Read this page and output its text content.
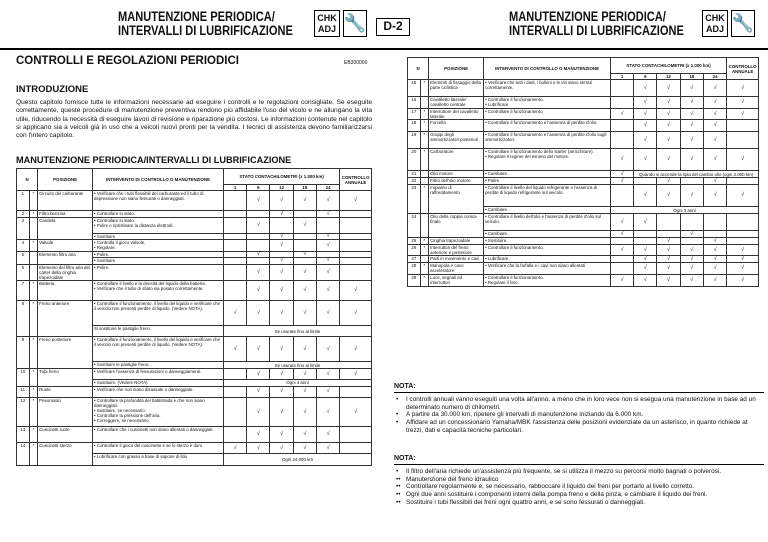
MANUTENZIONE PERIODICA/
INTERVALLI DI LUBRIFICAZIONE
CHK
ADJ 🔧	D-2
CONTROLLI E REGOLAZIONI PERIODICI	EB300000
INTRODUZIONE
Questo capitolo fornisce tutte le informazioni necessarie ad eseguire i controlli e le regolazioni consigliate. Se eseguite correttamente, queste procedure di manutenzione preventiva rendono più affidabile l'uso del vicolo e ne allungano la vita utile, riducendo la necessità di eseguire lavori di revisione e riparazione più costosi. Le informazioni contenute nel capitolo si applicano sia a veicoli già in uso che a veicoli nuovi pronti per la vendita. I tecnici di assistenza devono familiarizzarsi con l'intero capitolo.
MANUTENZIONE PERIODICA/INTERVALLI DI LUBRIFICAZIONE
N		POSIZIONE	INTERVENTO DI CONTROLLO O MANUTENZIONE	STATO CONTACHILOMETRI (x 1.000 km)					CONTROLLO ANNUALE
				1	6	12	18	24	
1	*	Circuito del carburante	• Verificare che i tubi flessibili del carburante ed il tubo di depressione non siano fessurati o danneggiati.		√	√	√	√	√
2	*	Filtro benzina	• Controllare lo stato.			√		√	
3		Candela	• Controllare lo stato.
• Pulire e ripristinare la distanza elettrodi.		√		√		

			• Sostituire.			√		√	
4	*	Valvole	• Controlla il gioco valvole.
• Regolare.			√		√	
5		Elemento filtro aria	• Pulire.		√		√		

			• Sostituire.			√		√	
6		Elemento del filtro aria del carter della cinghia trapezoidale	• Pulire.		√	√	√	√	
7	*	Batteria	• Controllare il livello e la densità del liquido della batteria.
• Verificare che il tubo di sfiato sia posato correttamente.		√	√	√	√	√
8	*	Freno anteriore	• Controllare il funzionamento, il livello del liquido e verificare che il veicolo non presenti perdite di liquido. (Vedere NOTA).	√	√	√	√	√	√

			Si sostituire le pastiglie freno.	Se usurate fino al limite					
9	*	Freno posteriore	• Controllare il funzionamento, il livello del liquido e verificare che il veicolo non presenti perdite di liquido. (Vedere NOTA).	√	√	√	√	√	√

			• Sostituire le pastiglie freno.	Se usurate fino al limite					
10	*	Tubi freno	• Verificare l'assenza di fessurazioni o danneggiamenti.		√	√	√	√	√

			• Sostituire. (Vedere NOTA)	Ogni 4 anni					
11	*	Ruote	• Verificare che non siano disassate o danneggiate.		√	√	√	√	
12	*	Pneumatici	• Controllare la profondità del battistrada e che non siano danneggiati.
• Sostituire, se necessario.
• Controllare la pressione dell'aria.
• Correggere, se necessario.		√	√	√	√	√
13	*	Cuscinetti ruote	• Controllare che i cuscinetti non siano allentati o danneggiati.		√	√	√	√	
14	*	Cuscinetti sterzo	• Controllare il gioco del cuscinetto e se lo sterzo è duro	√	√	√	√	√	

			• Lubrificare con grasso a base di sapone di litio	Ogni 24.000 km					
MANUTENZIONE PERIODICA/
INTERVALLI DI LUBRIFICAZIONE
CHK
ADJ 🔧
N		POSIZIONE	INTERVENTO DI CONTROLLO O MANUTENZIONE	STATO CONTACHILOMETRI (x 1.000 km)					CONTROLLO ANNUALE
				1	6	12	18	24	
15	*	Elementi di fissaggio della parte ciclistica	• Verificare che tutti i dadi, i bulloni e le viti siano serrati correttamente.		√	√	√	√	√
16		Cavalletto laterale/ cavalletto centrale	• Controllare il funzionamento.
• Lubrificare.		√	√	√	√	√
17	*	Interruttore del cavalletto laterale	• Controllare il funzionamento	√	√	√	√	√	√
18	*	Forcella	• Controllare il funzionamento e l'assenza di perdite d'olio.		√	√	√	√	
19	*	Gruppi degli ammortizzatori posteriori	• Controllare il funzionamento e l'assenza di perdite d'olio sugli ammortizzatori.		√	√	√	√	
20	*	Carburatore	• Controllare il funzionamento dello starter (arricchitore).
• Regolare il regime del minimo del motore.	√	√	√	√	√	√
21		Olio motore	• Cambiare.	√	Quando si accende la spia del cambio olio (ogni 3.000 km)				
22		Filtro dell'olio motore	• Pulire.	√		√		√	
23	*	Impianto di raffreddamento	• Controllare il livello del liquido refrigerante e l'assenza di perdite di liquido refrigerante sul veicolo.		√	√	√	√	√

			• Cambiare.	Ogni 3 anni					
24		Olio della coppia conica finale	• Controllare il livello dell'olio e l'assenza di perdite d'olio sul veicolo.	√	√				

			• Cambiare.	√			√		
25	*	Cinghia trapezoidale	• Sostituire.			√		√	
26	*	Interruttori del freno anteriore e posteriore	• Controllare il funzionamento.	√	√	√	√	√	√
27		Parti in movimento e cavi	• Lubrificare.		√	√	√	√	√
28	*	Manopola e cavo acceleratore	• Verificare che la farfalla e i cavi non siano allentati		√	√	√	√	√
29	*	Luce, segnali ed interruttori	• Controllare il funzionamento.
• Regolare il faro.	√	√	√	√	√	√
NOTA:
• I controlli annuali vanno eseguiti una volta all'anno, a meno che in loro vece non si esegua una manutenzione in base ad un determinato numero di chilometri.
• A partire da 30.000 km, ripetere gli intervalli di manutenzione iniziando da 6.000 km.
• Affidare ad un concessionario Yamaha/MBK l'assistenza delle posizioni evidenziate da un asterisco, in quanto richiede at trezzi, dati e capacità tecniche particolari.
NOTA:
• Il filtro dell'aria richiede un'assistenza più frequente, se si utilizza il mezzo su percorsi molto bagnati o polverosi.
•• Manutenzione del freno idraulico
•• Controllare regolarmente e, se necessario, rabboccare il liquido dei freni per portarlo al livello corretto.
•• Ogni due anni sostituire i componenti interni della pompa freno e della pinza, e cambiare il liquido dei freni.
•• Sostituire i tubi flessibili dei freni ogni quattro anni, e se sono fessurati o danneggiati.
